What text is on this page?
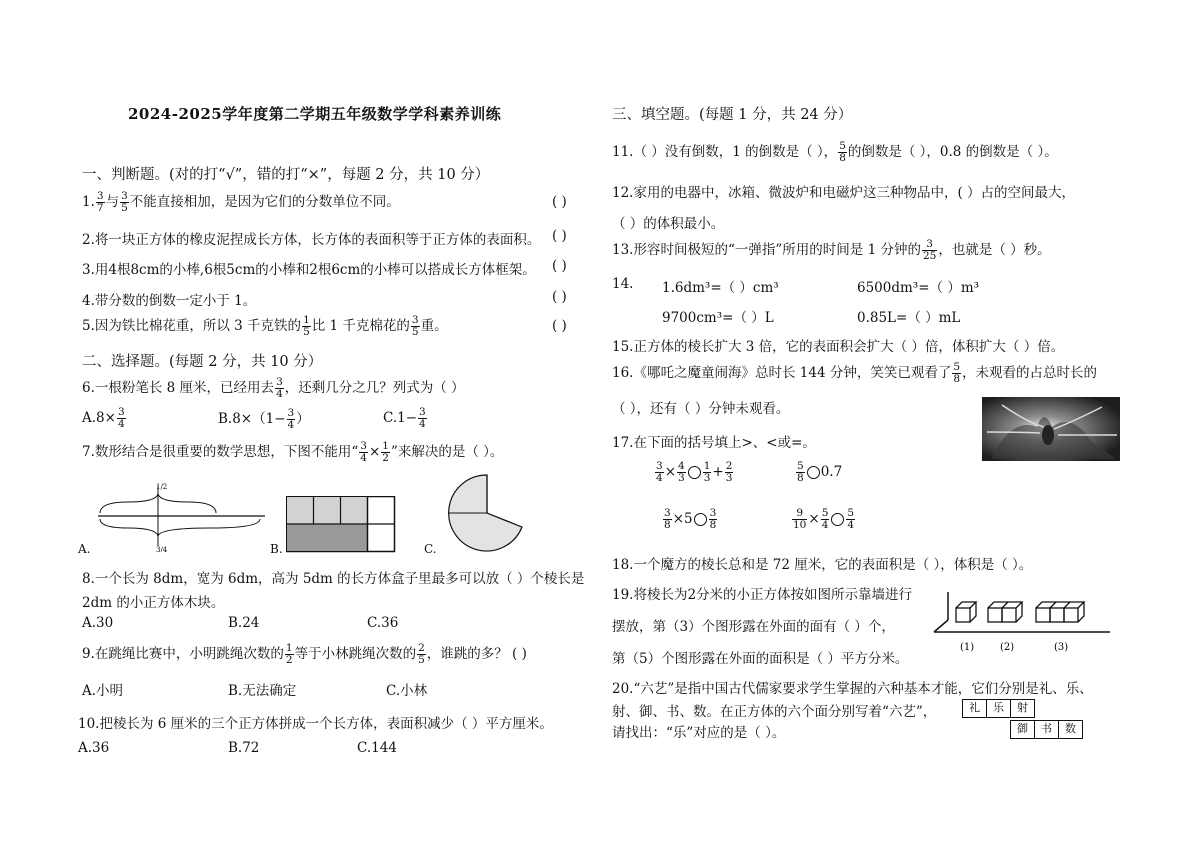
2024-2025学年度第二学期五年级数学学科素养训练
一、判断题。(对的打“√”，错的打“×”，每题 2 分，共 10 分）
1. $\frac{3}{7}$ 与 $\frac{3}{5}$ 不能直接相加，是因为它们的分数单位不同。	( )
2.将一块正方体的橡皮泥捏成长方体，长方体的表面积等于正方体的表面积。 ( )
3.用4根8cm的小棒,6根5cm的小棒和2根6cm的小棒可以搭成长方体框架。 ( )
4.带分数的倒数一定小于 1。	( )
5.因为铁比棉花重，所以 3 千克铁的 $\frac{1}{5}$ 比 1 千克棉花的 $\frac{3}{5}$ 重。	( )
二、选择题。(每题 2 分，共 10 分）
6.一根粉笔长 8 厘米，已经用去 $\frac{3}{4}$ ，还剩几分之几？列式为（ ）
$A.8\times \frac{3}{4}$	$B.8\times(1- \frac{3}{4}$ ）	$C.1- \frac{3}{4}$
7.数形结合是很重要的数学思想，下图不能用“ $\frac{3}{4} \times \frac{1}{2}$ ”来解决的是（ ）。
1/2
3/4
A.	B.	C.
8.一个长为 8dm，宽为 6dm，高为 5dm 的长方体盒子里最多可以放（ ）个棱长是
2dm 的小正方体木块。
A.30	B.24	C.36
9.在跳绳比赛中，小明跳绳次数的 $\frac{1}{2}$ 等于小林跳绳次数的 $\frac{2}{5}$ ，谁跳的多？ ( )
A.小明	B.无法确定	C.小林
10.把棱长为 6 厘米的三个正方体拼成一个长方体，表面积减少（ ）平方厘米。
A.36	B.72	C.144
三、填空题。(每题 1 分，共 24 分）
11.（ ）没有倒数，1 的倒数是（ ）， $\frac{5}{8}$ 的倒数是（ ），0.8 的倒数是（ ）。
12.家用的电器中，冰箱、微波炉和电磁炉这三种物品中，( ）占的空间最大，
（ ）的体积最小。
13.形容时间极短的“一弹指”所用的时间是 1 分钟的 $\frac{3}{25}$ ，也就是（ ）秒。
14. 1.6dm³=（ ）cm³	6500dm³=（ ）m³
9700cm³=（ ）L	0.85L=（ ）mL
15.正方体的棱长扩大 3 倍，它的表面积会扩大（ ）倍，体积扩大（ ）倍。
16.《哪吒之魔童闹海》总时长 144 分钟，笑笑已观看了 $\frac{5}{8}$ ，未观看的占总时长的
（ ），还有（ ）分钟未观看。
17.在下面的括号填上>、<或=。
$\frac{3}{4} \times \frac{4}{3} \frac{1}{3} + \frac{2}{3}$	$\frac{5}{8} 0.7$
$\frac{3}{8} \times 5 \frac{3}{8}$	$\frac{9}{10} \times \frac{5}{4} \frac{5}{4}$
18.一个魔方的棱长总和是 72 厘米，它的表面积是（ ），体积是（ ）。
19.将棱长为2分米的小正方体按如图所示靠墙进行
摆放，第（3）个图形露在外面的面有（ ）个，
第（5）个图形露在外面的面积是（ ）平方分米。
(1)	(2)	(3)
20.“六艺”是指中国古代儒家要求学生掌握的六种基本才能，它们分别是礼、乐、
射、御、书、数。在正方体的六个面分别写着“六艺”，
请找出：“乐”对应的是（ ）。
礼	乐	射
御	书	数
